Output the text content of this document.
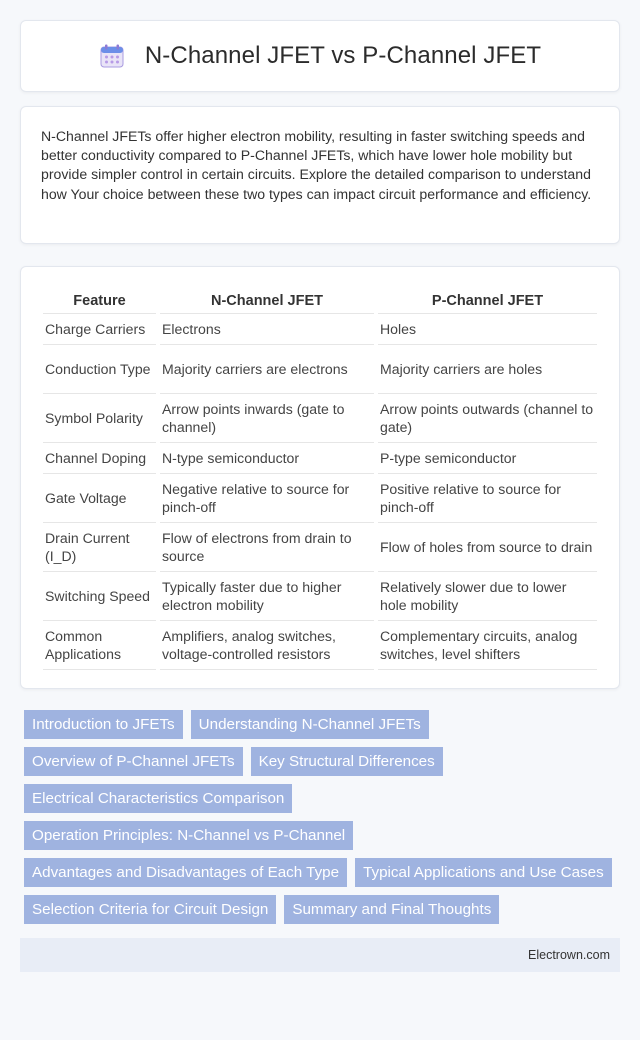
N-Channel JFET vs P-Channel JFET

N-Channel JFETs offer higher electron mobility, resulting in faster switching speeds and better conductivity compared to P-Channel JFETs, which have lower hole mobility but provide simpler control in certain circuits. Explore the detailed comparison to understand how Your choice between these two types can impact circuit performance and efficiency.

Feature	N-Channel JFET	P-Channel JFET
Charge Carriers	Electrons	Holes
Conduction Type	Majority carriers are electrons	Majority carriers are holes
Symbol Polarity	Arrow points inwards (gate to channel)	Arrow points outwards (channel to gate)
Channel Doping	N-type semiconductor	P-type semiconductor
Gate Voltage	Negative relative to source for pinch-off	Positive relative to source for pinch-off
Drain Current (I_D)	Flow of electrons from drain to source	Flow of holes from source to drain
Switching Speed	Typically faster due to higher electron mobility	Relatively slower due to lower hole mobility
Common Applications	Amplifiers, analog switches, voltage-controlled resistors	Complementary circuits, analog switches, level shifters
Introduction to JFETs	Understanding N-Channel JFETs
Overview of P-Channel JFETs	Key Structural Differences
Electrical Characteristics Comparison
Operation Principles: N-Channel vs P-Channel
Advantages and Disadvantages of Each Type	Typical Applications and Use Cases
Selection Criteria for Circuit Design	Summary and Final Thoughts
Electrown.com
